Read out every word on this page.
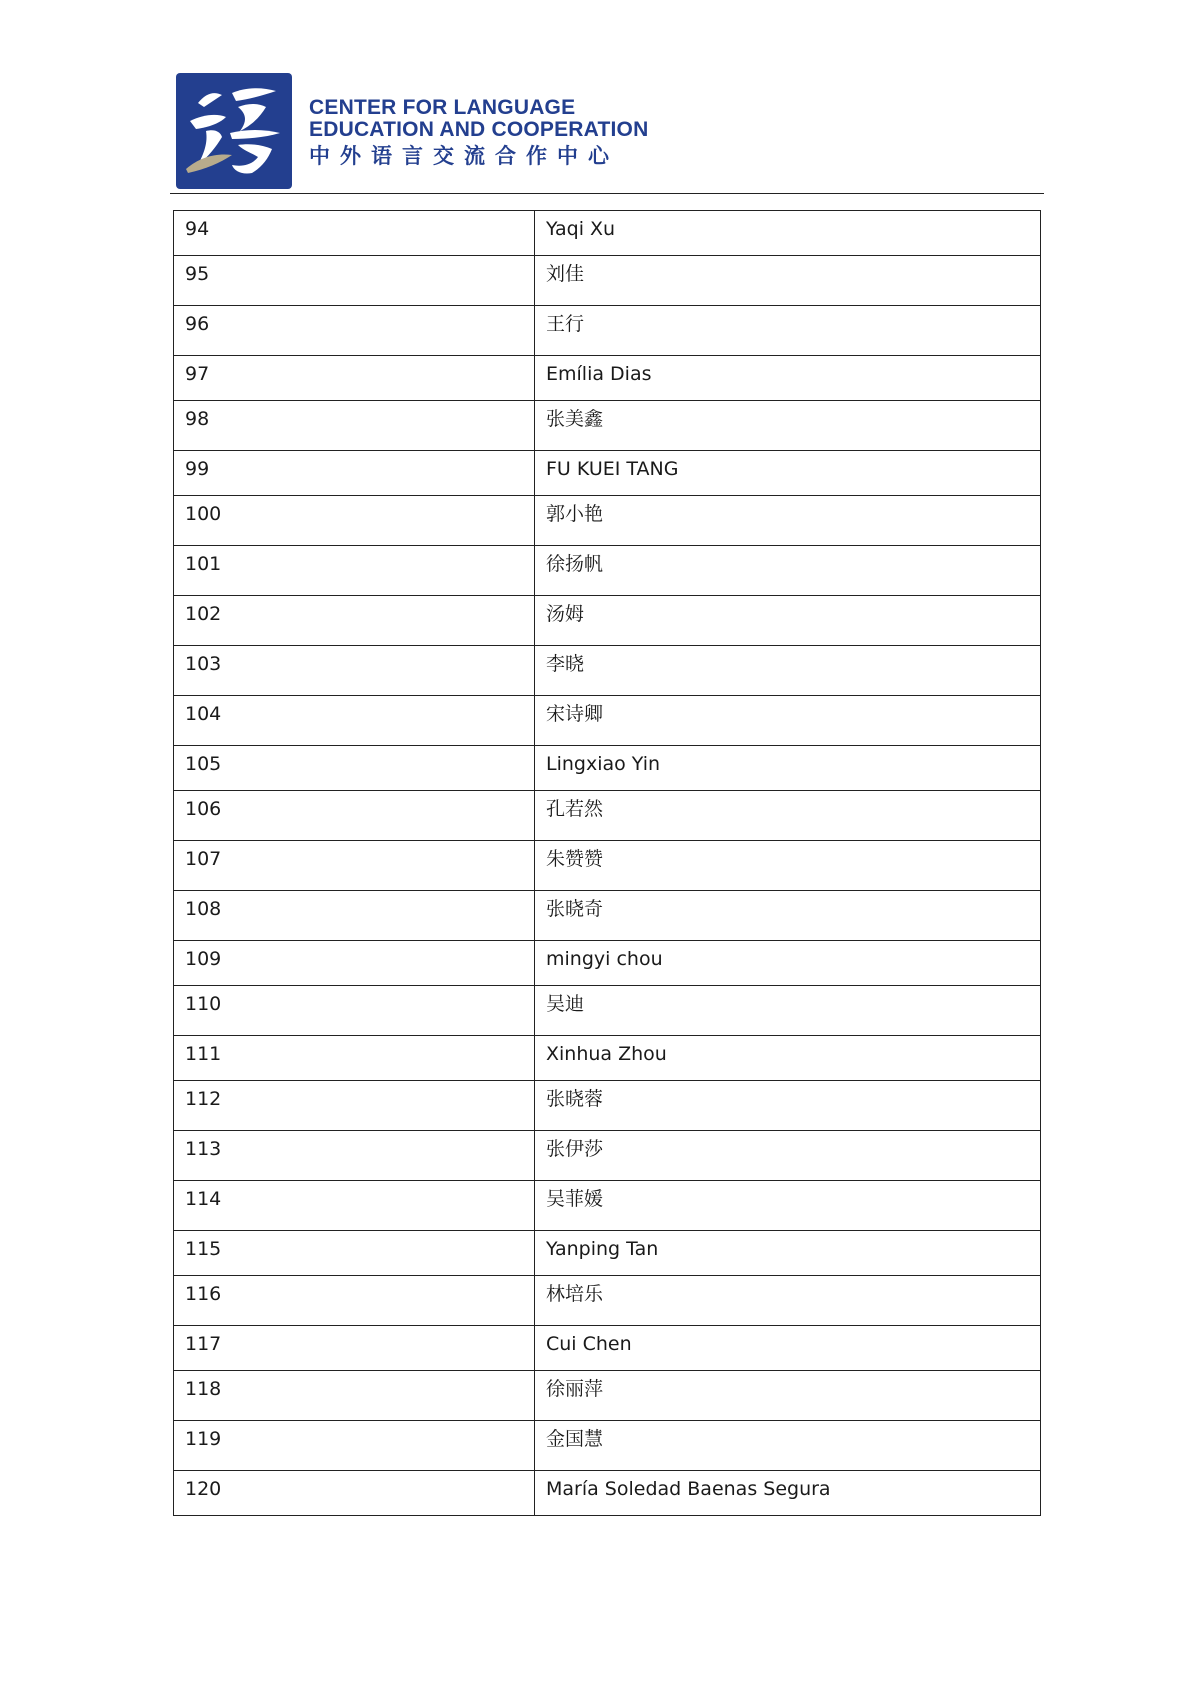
CENTER FOR LANGUAGE
EDUCATION AND COOPERATION
中外语言交流合作中心
94	Yaqi Xu
95	刘佳
96	王行
97	Emília Dias
98	张美鑫
99	FU KUEI TANG
100	郭小艳
101	徐扬帆
102	汤姆
103	李晓
104	宋诗卿
105	Lingxiao Yin
106	孔若然
107	朱赞赞
108	张晓奇
109	mingyi chou
110	吴迪
111	Xinhua Zhou
112	张晓蓉
113	张伊莎
114	吴菲媛
115	Yanping Tan
116	林培乐
117	Cui Chen
118	徐丽萍
119	金国慧
120	María Soledad Baenas Segura
